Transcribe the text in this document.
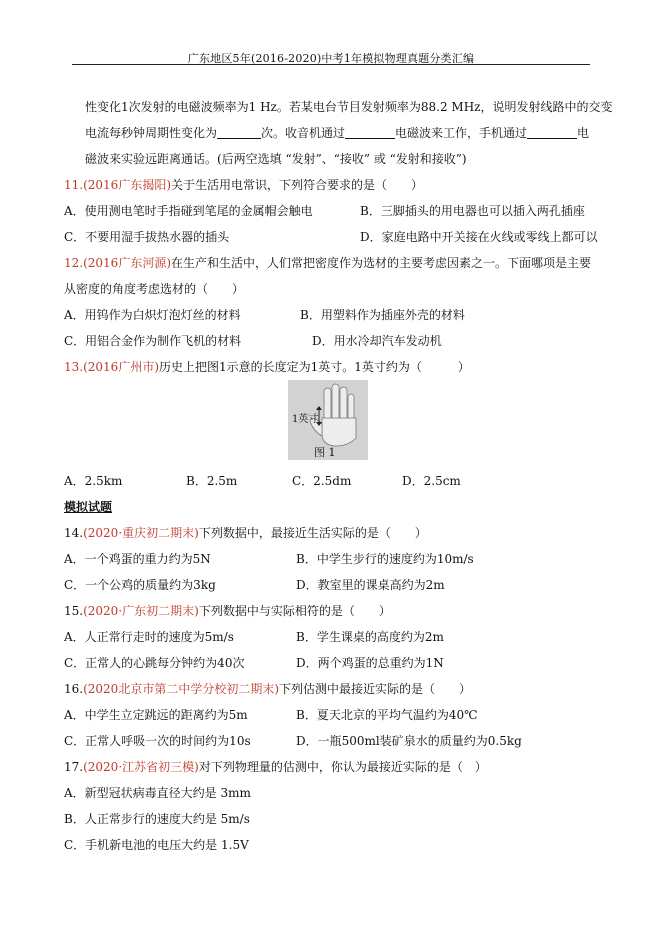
广东地区5年(2016-2020)中考1年模拟物理真题分类汇编
性变化1次发射的电磁波频率为1 Hz。若某电台节目发射频率为88.2 MHz，说明发射线路中的交变
电流每秒钟周期性变化为	次。收音机通过	电磁波来工作，手机通过	电
磁波来实验远距离通话。(后两空选填 “发射”、“接收” 或 “发射和接收”)
11.(2016广东揭阳)关于生活用电常识，下列符合要求的是（　　）
A．使用测电笔时手指碰到笔尾的金属帽会触电	B．三脚插头的用电器也可以插入两孔插座
C．不要用湿手拔热水器的插头	D．家庭电路中开关接在火线或零线上都可以
12.(2016广东河源)在生产和生活中，人们常把密度作为选材的主要考虑因素之一。下面哪项是主要
从密度的角度考虑选材的（　　）
A．用钨作为白炽灯泡灯丝的材料	B．用塑料作为插座外壳的材料
C．用铝合金作为制作飞机的材料	D．用水冷却汽车发动机
13.(2016广州市)历史上把图1示意的长度定为1英寸。1英寸约为（　　　）
1英寸
图 1
A．2.5km	B．2.5m	C．2.5dm	D．2.5cm
模拟试题
14.(2020·重庆初二期末)下列数据中，最接近生活实际的是（　　）
A．一个鸡蛋的重力约为5N	B．中学生步行的速度约为10m/s
C．一个公鸡的质量约为3kg	D．教室里的课桌高约为2m
15.(2020·广东初二期末)下列数据中与实际相符的是（　　）
A．人正常行走时的速度为5m/s	B．学生课桌的高度约为2m
C．正常人的心跳每分钟约为40次	D．两个鸡蛋的总重约为1N
16.(2020北京市第二中学分校初二期末)下列估测中最接近实际的是（　　）
A．中学生立定跳远的距离约为5m	B．夏天北京的平均气温约为40℃
C．正常人呼吸一次的时间约为10s	D．一瓶500ml装矿泉水的质量约为0.5kg
17.(2020·江苏省初三模)对下列物理量的估测中，你认为最接近实际的是（　）
A．新型冠状病毒直径大约是 3mm
B．人正常步行的速度大约是 5m/s
C．手机新电池的电压大约是 1.5V
